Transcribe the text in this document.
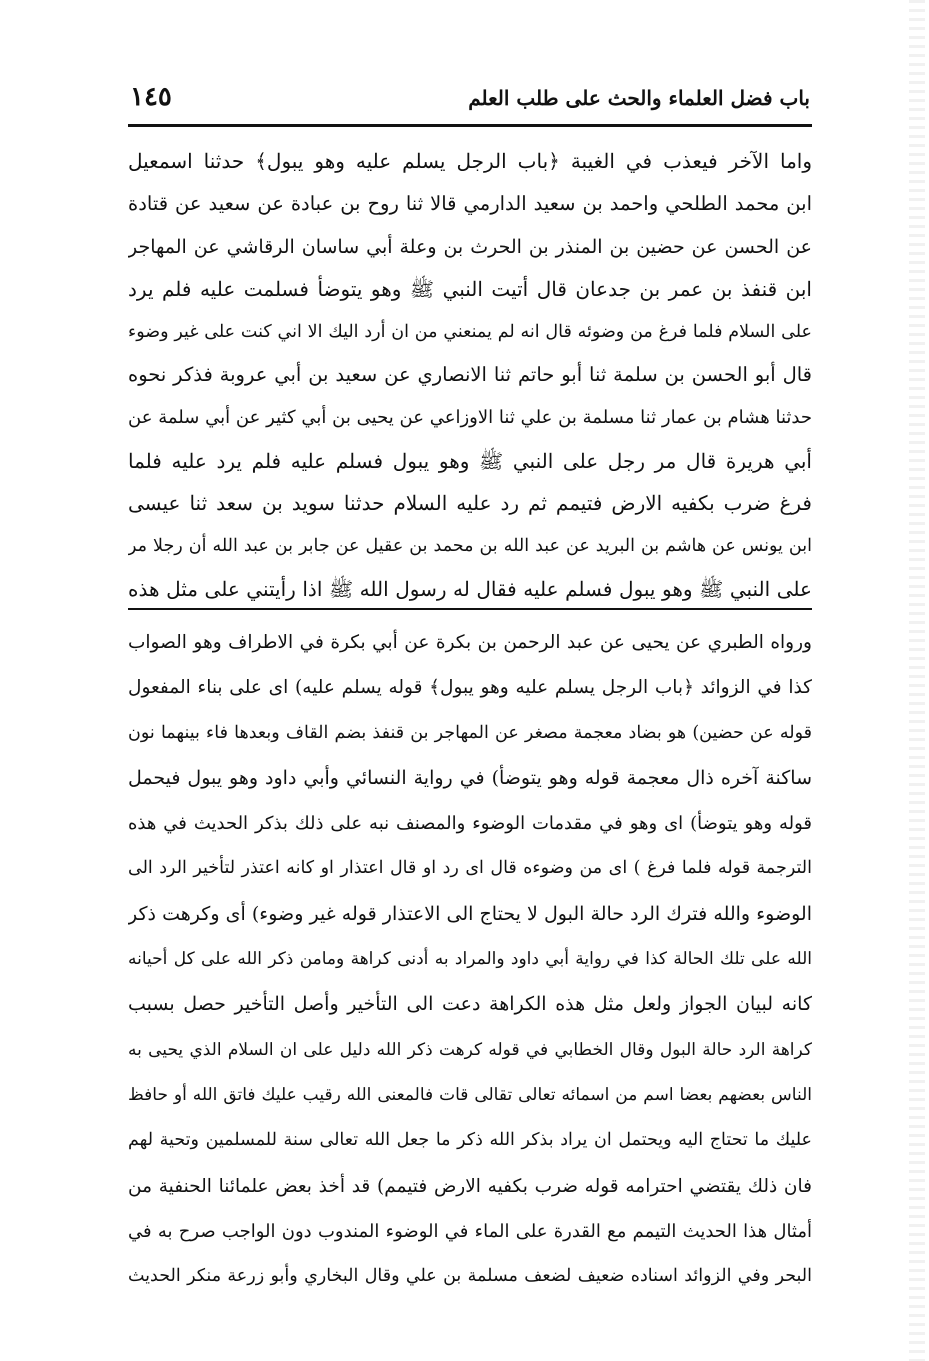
باب فضل العلماء والحث على طلب العلم
١٤٥
واما الآخر فيعذب في الغيبة ﴿باب الرجل يسلم عليه وهو يبول﴾ حدثنا اسمعيل
ابن محمد الطلحي واحمد بن سعيد الدارمي قالا ثنا روح بن عبادة عن سعيد عن قتادة
عن الحسن عن حضين بن المنذر بن الحرث بن وعلة أبي ساسان الرقاشي عن المهاجر
ابن قنفذ بن عمر بن جدعان قال أتيت النبي ﷺ وهو يتوضأ فسلمت عليه فلم يرد
على السلام فلما فرغ من وضوئه قال انه لم يمنعني من ان أرد اليك الا اني كنت على غير وضوء
قال أبو الحسن بن سلمة ثنا أبو حاتم ثنا الانصاري عن سعيد بن أبي عروبة فذكر نحوه
حدثنا هشام بن عمار ثنا مسلمة بن علي ثنا الاوزاعي عن يحيى بن أبي كثير عن أبي سلمة عن
أبي هريرة قال مر رجل على النبي ﷺ وهو يبول فسلم عليه فلم يرد عليه فلما
فرغ ضرب بكفيه الارض فتيمم ثم رد عليه السلام حدثنا سويد بن سعد ثنا عيسى
ابن يونس عن هاشم بن البريد عن عبد الله بن محمد بن عقيل عن جابر بن عبد الله أن رجلا مر
على النبي ﷺ وهو يبول فسلم عليه فقال له رسول الله ﷺ اذا رأيتني على مثل هذه
ورواه الطبري عن يحيى عن عبد الرحمن بن بكرة عن أبي بكرة في الاطراف وهو الصواب
كذا في الزوائد ﴿باب الرجل يسلم عليه وهو يبول﴾ قوله يسلم عليه) اى على بناء المفعول
قوله عن حضين) هو بضاد معجمة مصغر عن المهاجر بن قنفذ بضم القاف وبعدها فاء بينهما نون
ساكنة آخره ذال معجمة قوله وهو يتوضأ) في رواية النسائي وأبي داود وهو يبول فيحمل
قوله وهو يتوضأ) اى وهو في مقدمات الوضوء والمصنف نبه على ذلك بذكر الحديث في هذه
الترجمة قوله فلما فرغ ) اى من وضوءه قال اى رد او قال اعتذار او كانه اعتذر لتأخير الرد الى
الوضوء والله فترك الرد حالة البول لا يحتاج الى الاعتذار قوله غير وضوء) أى وكرهت ذكر
الله على تلك الحالة كذا في رواية أبي داود والمراد به أدنى كراهة ومامن ذكر الله على كل أحيانه
كانه لبيان الجواز ولعل مثل هذه الكراهة دعت الى التأخير وأصل التأخير حصل بسبب
كراهة الرد حالة البول وقال الخطابي في قوله كرهت ذكر الله دليل على ان السلام الذي يحيى به
الناس بعضهم بعضا اسم من اسمائه تعالى تقالى قات فالمعنى الله رقيب عليك فاتق الله أو حافظ
عليك ما تحتاج اليه ويحتمل ان يراد بذكر الله ذكر ما جعل الله تعالى سنة للمسلمين وتحية لهم
فان ذلك يقتضي احترامه قوله ضرب بكفيه الارض فتيمم) قد أخذ بعض علمائنا الحنفية من
أمثال هذا الحديث التيمم مع القدرة على الماء في الوضوء المندوب دون الواجب صرح به في
البحر وفي الزوائد اسناده ضعيف لضعف مسلمة بن علي وقال البخاري وأبو زرعة منكر الحديث
